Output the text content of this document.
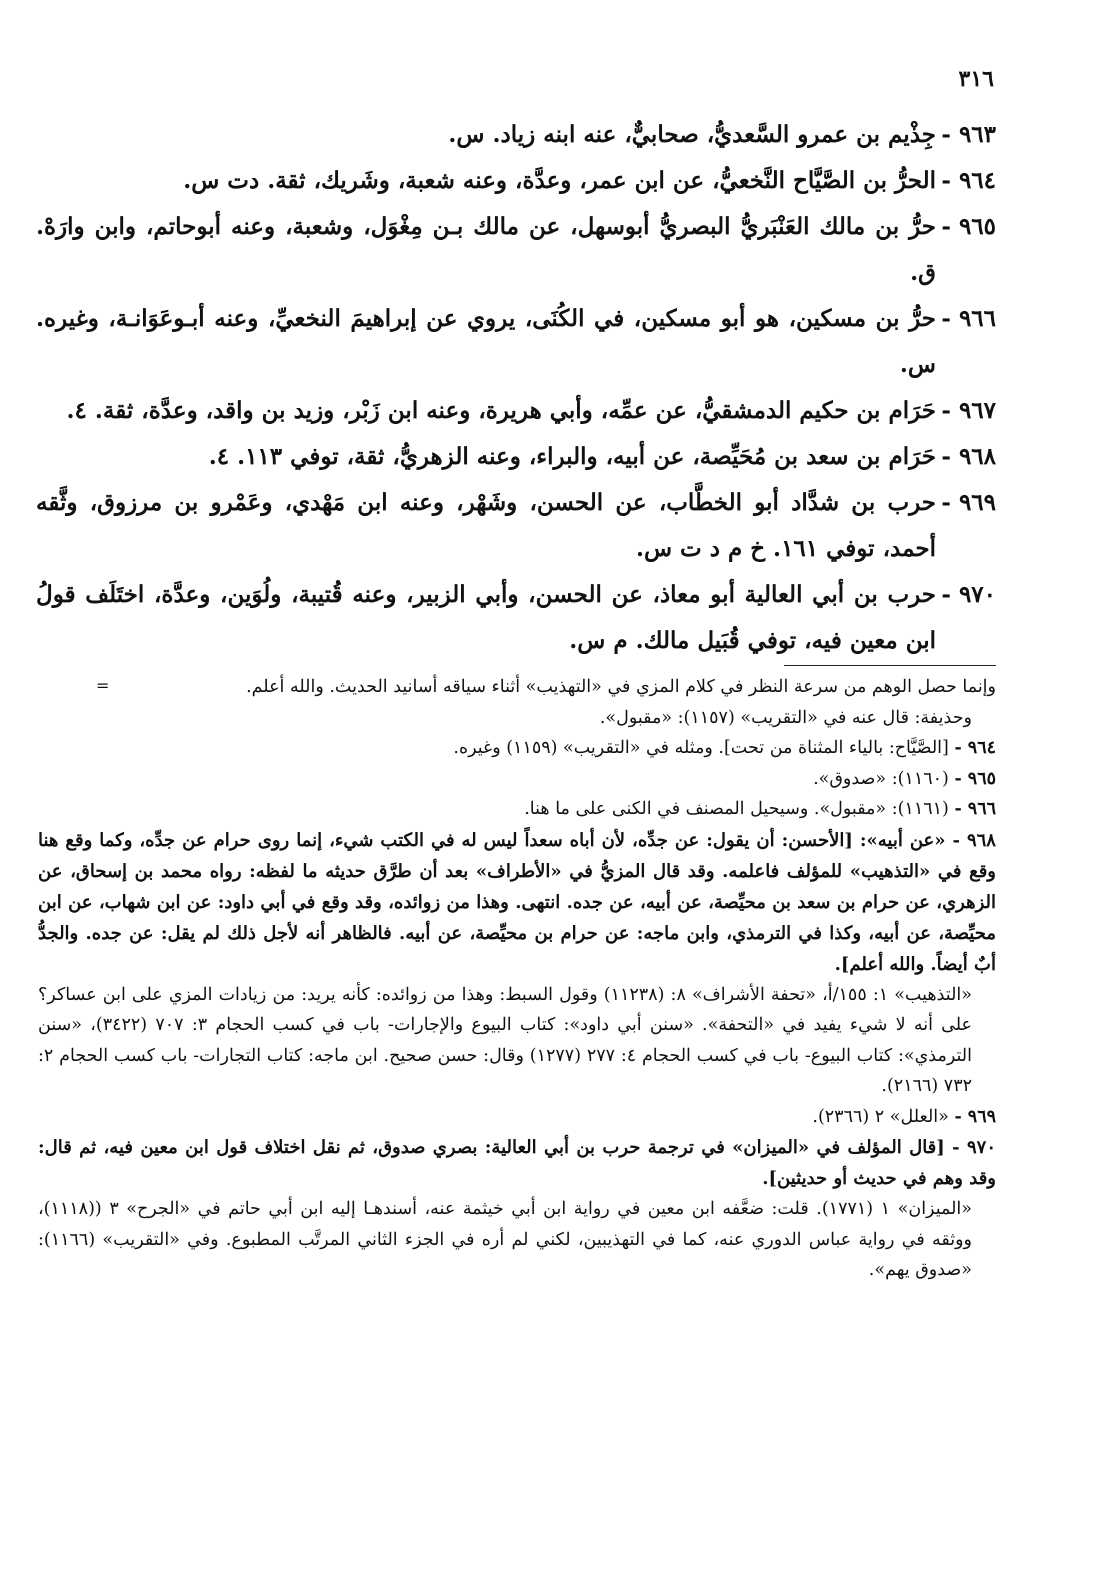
٣١٦

٩٦٣ -
جِذْيم بن عمرو السَّعديُّ، صحابيٌّ، عنه ابنه زياد. س.

٩٦٤ -
الحرُّ بن الصَّيَّاح النَّخعيُّ، عن ابن عمر، وعدَّة، وعنه شعبة، وشَريك، ثقة. دت س.

٩٦٥ -
حرُّ بن مالك العَنْبَريُّ البصريُّ أبوسهل، عن مالك بـن مِغْوَل، وشعبة، وعنه أبوحاتم، وابن وارَهْ. ق.

٩٦٦ -
حرُّ بن مسكين، هو أبو مسكين، في الكُنَى، يروي عن إبراهيمَ النخعيِّ، وعنه أبـوعَوَانـة، وغيره. س.

٩٦٧ -
حَرَام بن حكيم الدمشقيُّ، عن عمِّه، وأبي هريرة، وعنه ابن زَبْر، وزيد بن واقد، وعدَّة، ثقة. ٤.

٩٦٨ -
حَرَام بن سعد بن مُحَيِّصة، عن أبيه، والبراء، وعنه الزهريُّ، ثقة، توفي ١١٣. ٤.

٩٦٩ -
حرب بن شدَّاد أبو الخطَّاب، عن الحسن، وشَهْر، وعنه ابن مَهْدي، وعَمْرو بن مرزوق، وثَّقه أحمد، توفي ١٦١. خ م د ت س.

٩٧٠ -
حرب بن أبي العالية أبو معاذ، عن الحسن، وأبي الزبير، وعنه قُتيبة، ولُوَين، وعدَّة، اختَلَف قولُ ابن معين فيه، توفي قُبَيل مالك. م س.

=	وإنما حصل الوهم من سرعة النظر في كلام المزي في «التهذيب» أثناء سياقه أسانيد الحديث. والله أعلم.

وحذيفة: قال عنه في «التقريب» (١١٥٧): «مقبول».

٩٦٤ - [الصَّيَّاح: بالياء المثناة من تحت]. ومثله في «التقريب» (١١٥٩) وغيره.

٩٦٥ - (١١٦٠): «صدوق».

٩٦٦ - (١١٦١): «مقبول». وسيحيل المصنف في الكنى على ما هنا.

٩٦٨ - «عن أبيه»: [الأحسن: أن يقول: عن جدِّه، لأن أباه سعداً ليس له في الكتب شيء، إنما روى حرام عن جدِّه، وكما وقع هنا وقع في «التذهيب» للمؤلف فاعلمه. وقد قال المزيُّ في «الأطراف» بعد أن طرَّق حديثه ما لفظه: رواه محمد بن إسحاق، عن الزهري، عن حرام بن سعد بن محيِّصة، عن أبيه، عن جده. انتهى. وهذا من زوائده، وقد وقع في أبي داود: عن ابن شهاب، عن ابن محيِّصة، عن أبيه، وكذا في الترمذي، وابن ماجه: عن حرام بن محيِّصة، عن أبيه. فالظاهر أنه لأجل ذلك لم يقل: عن جده. والجدُّ أبٌ أيضاً. والله أعلم].

«التذهيب» ١: ١٥٥/أ، «تحفة الأشراف» ٨: (١١٢٣٨) وقول السبط: وهذا من زوائده: كأنه يريد: من زيادات المزي على ابن عساكر؟ على أنه لا شيء يفيد في «التحفة». «سنن أبي داود»: كتاب البيوع والإجارات- باب في كسب الحجام ٣: ٧٠٧ (٣٤٢٢)، «سنن الترمذي»: كتاب البيوع- باب في كسب الحجام ٤: ٢٧٧ (١٢٧٧) وقال: حسن صحيح. ابن ماجه: كتاب التجارات- باب كسب الحجام ٢: ٧٣٢ (٢١٦٦).

٩٦٩ - «العلل» ٢ (٢٣٦٦).

٩٧٠ - [قال المؤلف في «الميزان» في ترجمة حرب بن أبي العالية: بصري صدوق، ثم نقل اختلاف قول ابن معين فيه، ثم قال: وقد وهم في حديث أو حديثين].

«الميزان» ١ (١٧٧١). قلت: ضعَّفه ابن معين في رواية ابن أبي خيثمة عنه، أسندهـا إليه ابن أبي حاتم في «الجرح» ٣ ((١١١٨)، ووثقه في رواية عباس الدوري عنه، كما في التهذيبين، لكني لم أره في الجزء الثاني المرتَّب المطبوع. وفي «التقريب» (١١٦٦): «صدوق يهم».
